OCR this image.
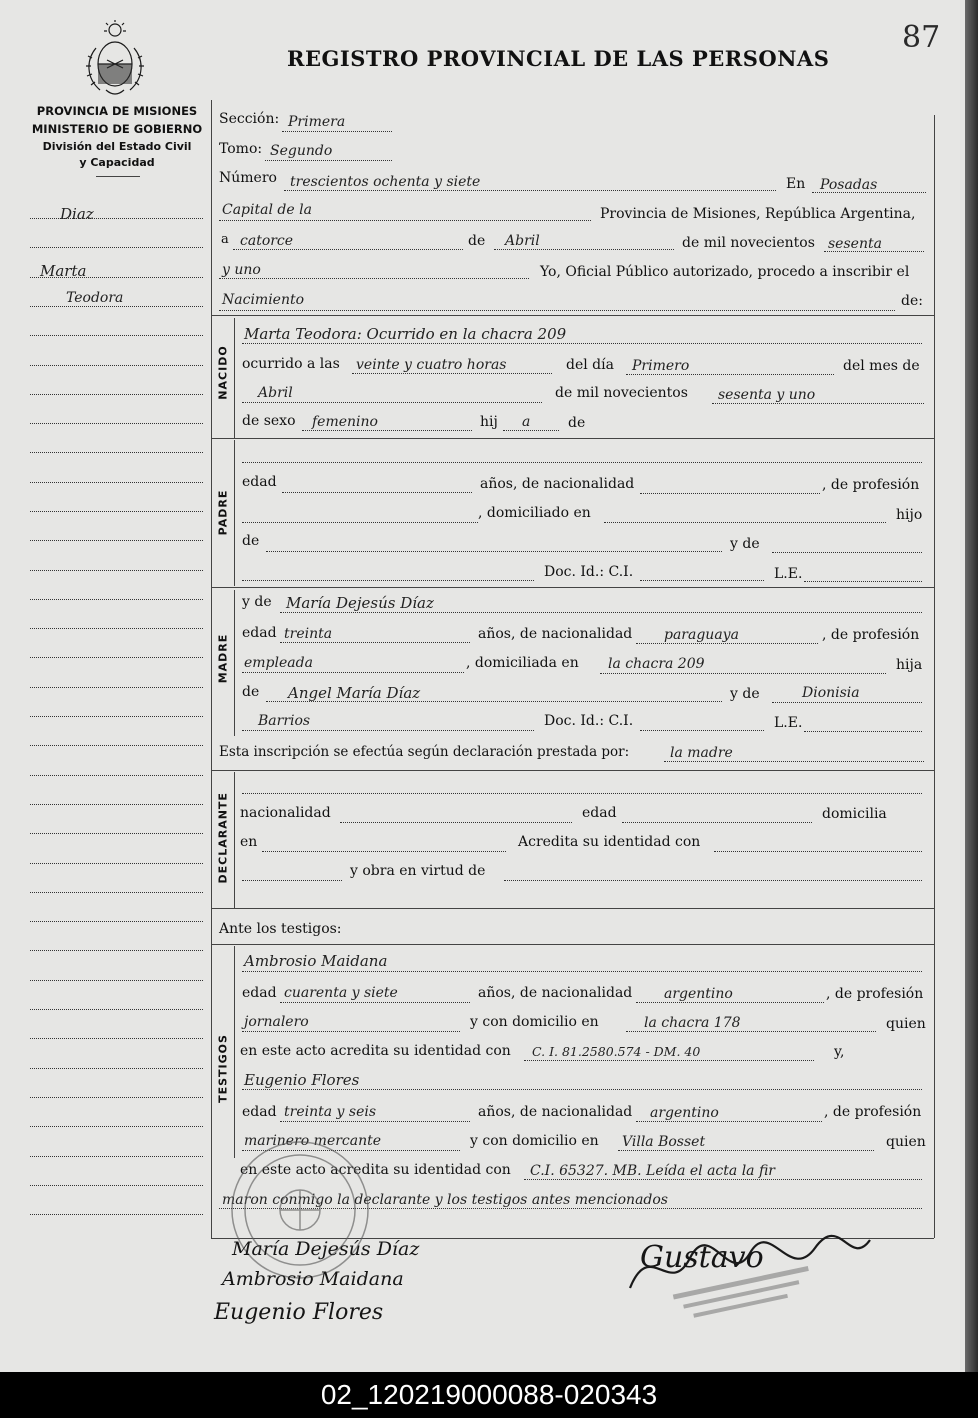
PROVINCIA DE MISIONES
MINISTERIO DE GOBIERNO
División del Estado Civil
y Capacidad
REGISTRO PROVINCIAL DE LAS PERSONAS
87
Diaz
Marta
Teodora
Sección: Primera
Tomo: Segundo
Número trescientos ochenta y siete	En Posadas
Capital de la	Provincia de Misiones, República Argentina,
a catorce	de Abril	de mil novecientos sesenta
y uno	Yo, Oficial Público autorizado, procedo a inscribir el
Nacimiento	de:
NACIDO
Marta Teodora: Ocurrido en la chacra 209
ocurrido a las veinte y cuatro horas	del día Primero	del mes de
Abril	de mil novecientos sesenta y uno
de sexo femenino	hij a	de
PADRE
edad	años, de nacionalidad	, de profesión
, domiciliado en	hijo
de	y de
Doc. Id.: C.I.	L.E.
MADRE
y de María Dejesús Díaz
edad treinta	años, de nacionalidad paraguaya	, de profesión
empleada	, domiciliada en la chacra 209	hija
de Angel María Díaz	y de	Dionisia
Barrios	Doc. Id.: C.I.	L.E.
Esta inscripción se efectúa según declaración prestada por:	la madre
DECLARANTE nacionalidad	edad	domicilia
en	Acredita su identidad con
y obra en virtud de
Ante los testigos:
TESTIGOS
Ambrosio Maidana
edad cuarenta y siete	años, de nacionalidad argentino	, de profesión
jornalero	y con domicilio en	la chacra 178	quien
en este acto acredita su identidad con C. I. 81.2580.574 - DM. 40	y,
Eugenio Flores
edad treinta y seis	años, de nacionalidad argentino	, de profesión
marinero mercante	y con domicilio en Villa Bosset	quien
en este acto acredita su identidad con C.I. 65327. MB. Leída el acta la fir
maron conmigo la declarante y los testigos antes mencionados
María Dejesús Díaz
Ambrosio Maidana
Eugenio Flores
Gustavo
02_120219000088-020343
